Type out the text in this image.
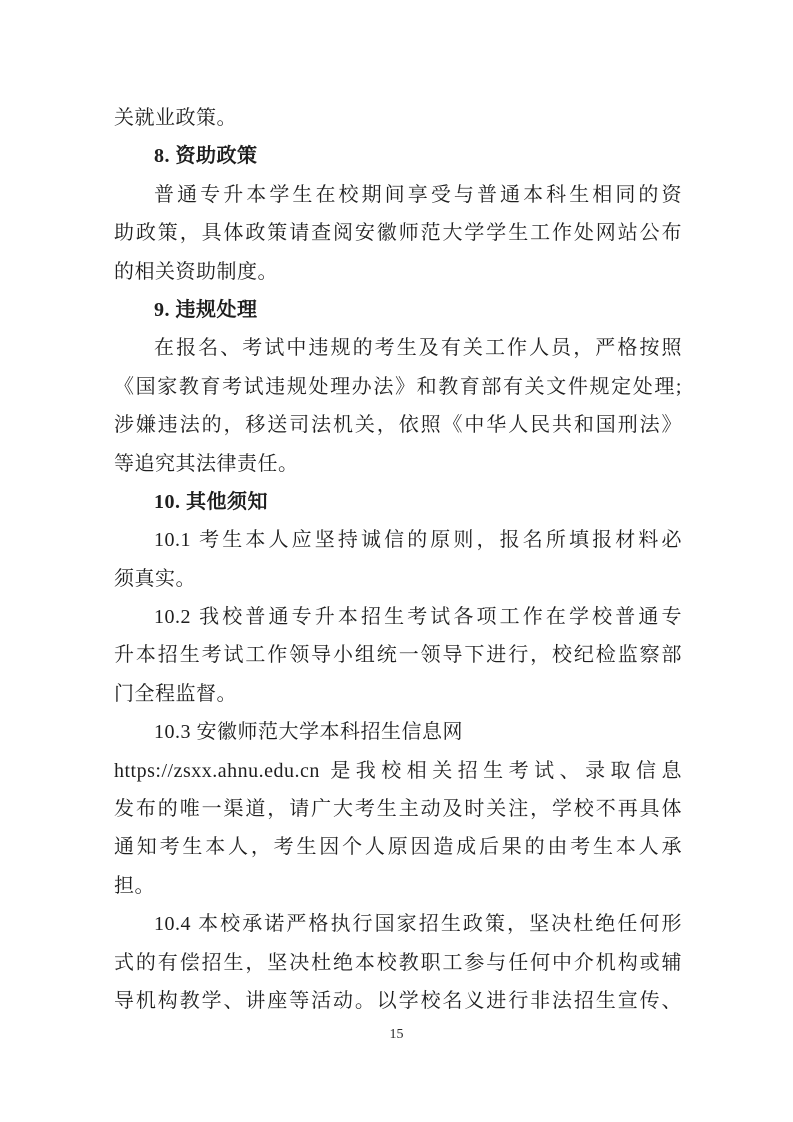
关就业政策。
8. 资助政策
普通专升本学生在校期间享受与普通本科生相同的资
助政策，具体政策请查阅安徽师范大学学生工作处网站公布
的相关资助制度。
9. 违规处理
在报名、考试中违规的考生及有关工作人员，严格按照
《国家教育考试违规处理办法》和教育部有关文件规定处理;
涉嫌违法的，移送司法机关，依照《中华人民共和国刑法》
等追究其法律责任。
10. 其他须知
10.1 考生本人应坚持诚信的原则，报名所填报材料必
须真实。
10.2 我校普通专升本招生考试各项工作在学校普通专
升本招生考试工作领导小组统一领导下进行，校纪检监察部
门全程监督。
10.3 安徽师范大学本科招生信息网
https://zsxx.ahnu.edu.cn 是我校相关招生考试、录取信息
发布的唯一渠道，请广大考生主动及时关注，学校不再具体
通知考生本人，考生因个人原因造成后果的由考生本人承
担。
10.4 本校承诺严格执行国家招生政策，坚决杜绝任何形
式的有偿招生，坚决杜绝本校教职工参与任何中介机构或辅
导机构教学、讲座等活动。以学校名义进行非法招生宣传、
15
